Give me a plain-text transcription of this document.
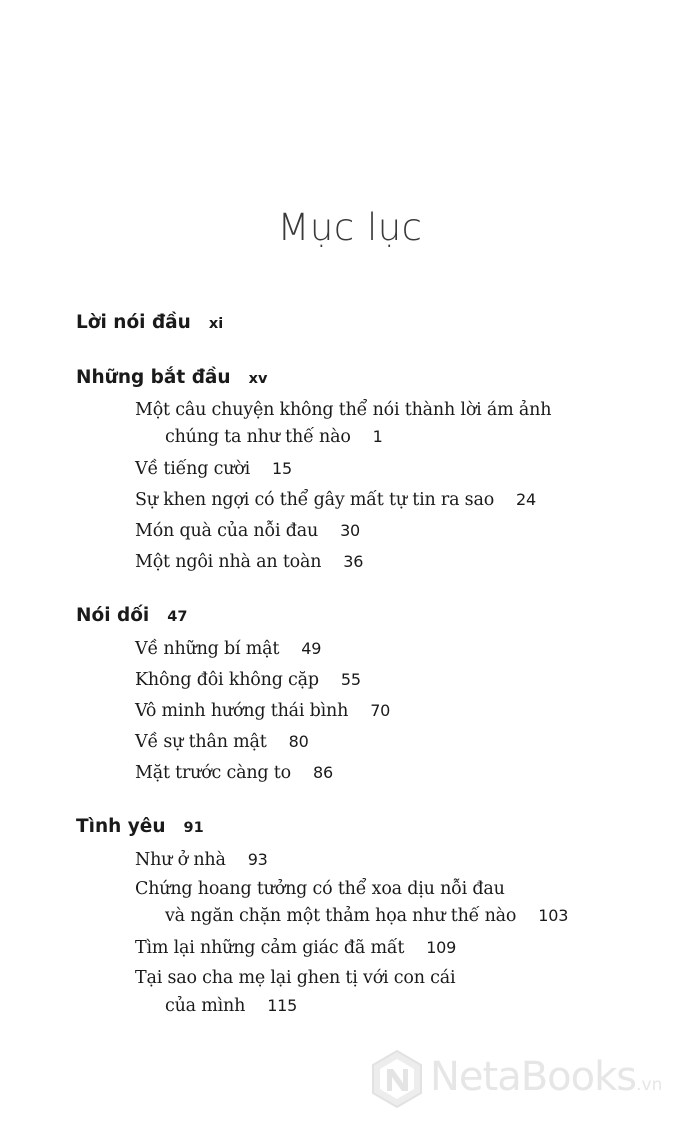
Mục lục
Lời nói đầu xi
Những bắt đầu xv
Một câu chuyện không thể nói thành lời ám ảnh
chúng ta như thế nào 1
Về tiếng cười 15
Sự khen ngợi có thể gây mất tự tin ra sao 24
Món quà của nỗi đau 30
Một ngôi nhà an toàn 36
Nói dối 47
Về những bí mật 49
Không đôi không cặp 55
Vô minh hướng thái bình 70
Về sự thân mật 80
Mặt trước càng to 86
Tình yêu 91
Như ở nhà 93
Chứng hoang tưởng có thể xoa dịu nỗi đau
và ngăn chặn một thảm họa như thế nào 103
Tìm lại những cảm giác đã mất 109
Tại sao cha mẹ lại ghen tị với con cái
của mình 115
NetaBooks.vn
